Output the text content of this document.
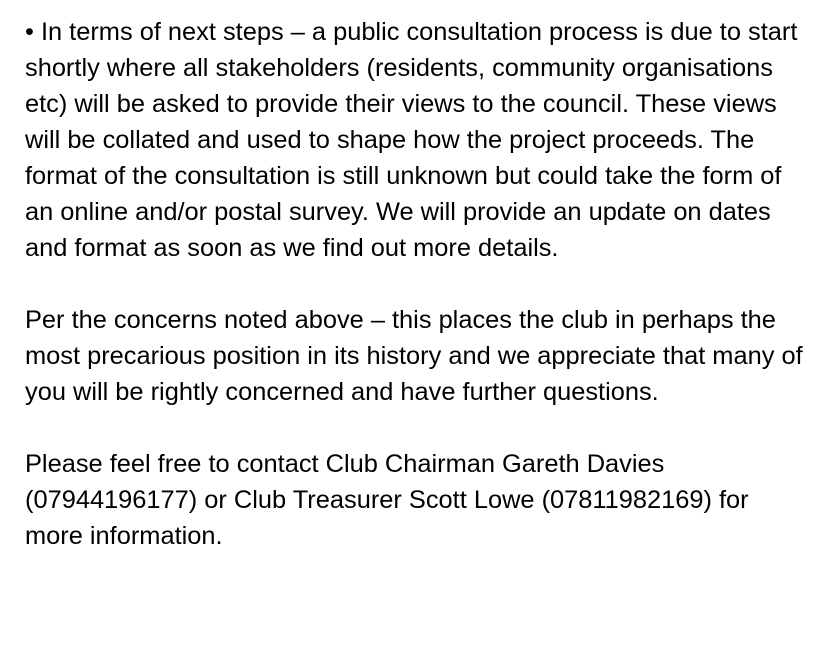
• In terms of next steps – a public consultation process is due to start shortly where all stakeholders (residents, community organisations etc) will be asked to provide their views to the council. These views will be collated and used to shape how the project proceeds. The format of the consultation is still unknown but could take the form of an online and/or postal survey. We will provide an update on dates and format as soon as we find out more details.

Per the concerns noted above – this places the club in perhaps the most precarious position in its history and we appreciate that many of you will be rightly concerned and have further questions.

Please feel free to contact Club Chairman Gareth Davies (07944196177) or Club Treasurer Scott Lowe (07811982169) for more information.
